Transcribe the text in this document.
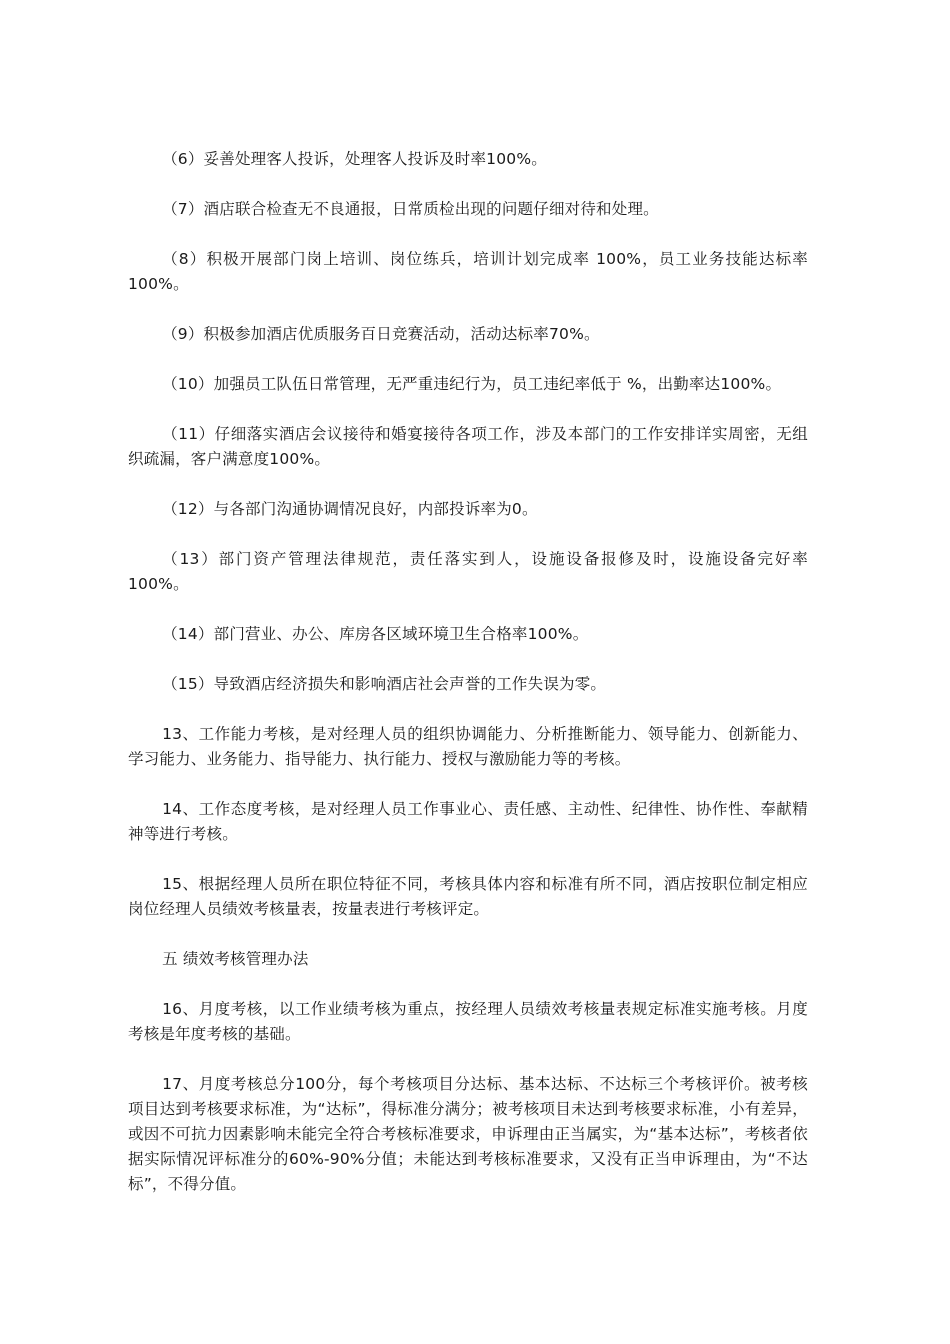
（6）妥善处理客人投诉，处理客人投诉及时率100%。

（7）酒店联合检查无不良通报，日常质检出现的问题仔细对待和处理。

（8）积极开展部门岗上培训、岗位练兵，培训计划完成率 100%，员工业务技能达标率100%。

（9）积极参加酒店优质服务百日竞赛活动，活动达标率70%。

（10）加强员工队伍日常管理，无严重违纪行为，员工违纪率低于 %，出勤率达100%。

（11）仔细落实酒店会议接待和婚宴接待各项工作，涉及本部门的工作安排详实周密，无组织疏漏，客户满意度100%。

（12）与各部门沟通协调情况良好，内部投诉率为0。

（13）部门资产管理法律规范，责任落实到人，设施设备报修及时，设施设备完好率100%。

（14）部门营业、办公、库房各区域环境卫生合格率100%。

（15）导致酒店经济损失和影响酒店社会声誉的工作失误为零。

13、工作能力考核，是对经理人员的组织协调能力、分析推断能力、领导能力、创新能力、学习能力、业务能力、指导能力、执行能力、授权与激励能力等的考核。

14、工作态度考核，是对经理人员工作事业心、责任感、主动性、纪律性、协作性、奉献精神等进行考核。

15、根据经理人员所在职位特征不同，考核具体内容和标准有所不同，酒店按职位制定相应岗位经理人员绩效考核量表，按量表进行考核评定。

五 绩效考核管理办法

16、月度考核，以工作业绩考核为重点，按经理人员绩效考核量表规定标准实施考核。月度考核是年度考核的基础。

17、月度考核总分100分，每个考核项目分达标、基本达标、不达标三个考核评价。被考核项目达到考核要求标准，为“达标”，得标准分满分；被考核项目未达到考核要求标准，小有差异，或因不可抗力因素影响未能完全符合考核标准要求，申诉理由正当属实，为“基本达标”，考核者依据实际情况评标准分的60%-90%分值；未能达到考核标准要求，又没有正当申诉理由，为“不达标”，不得分值。
